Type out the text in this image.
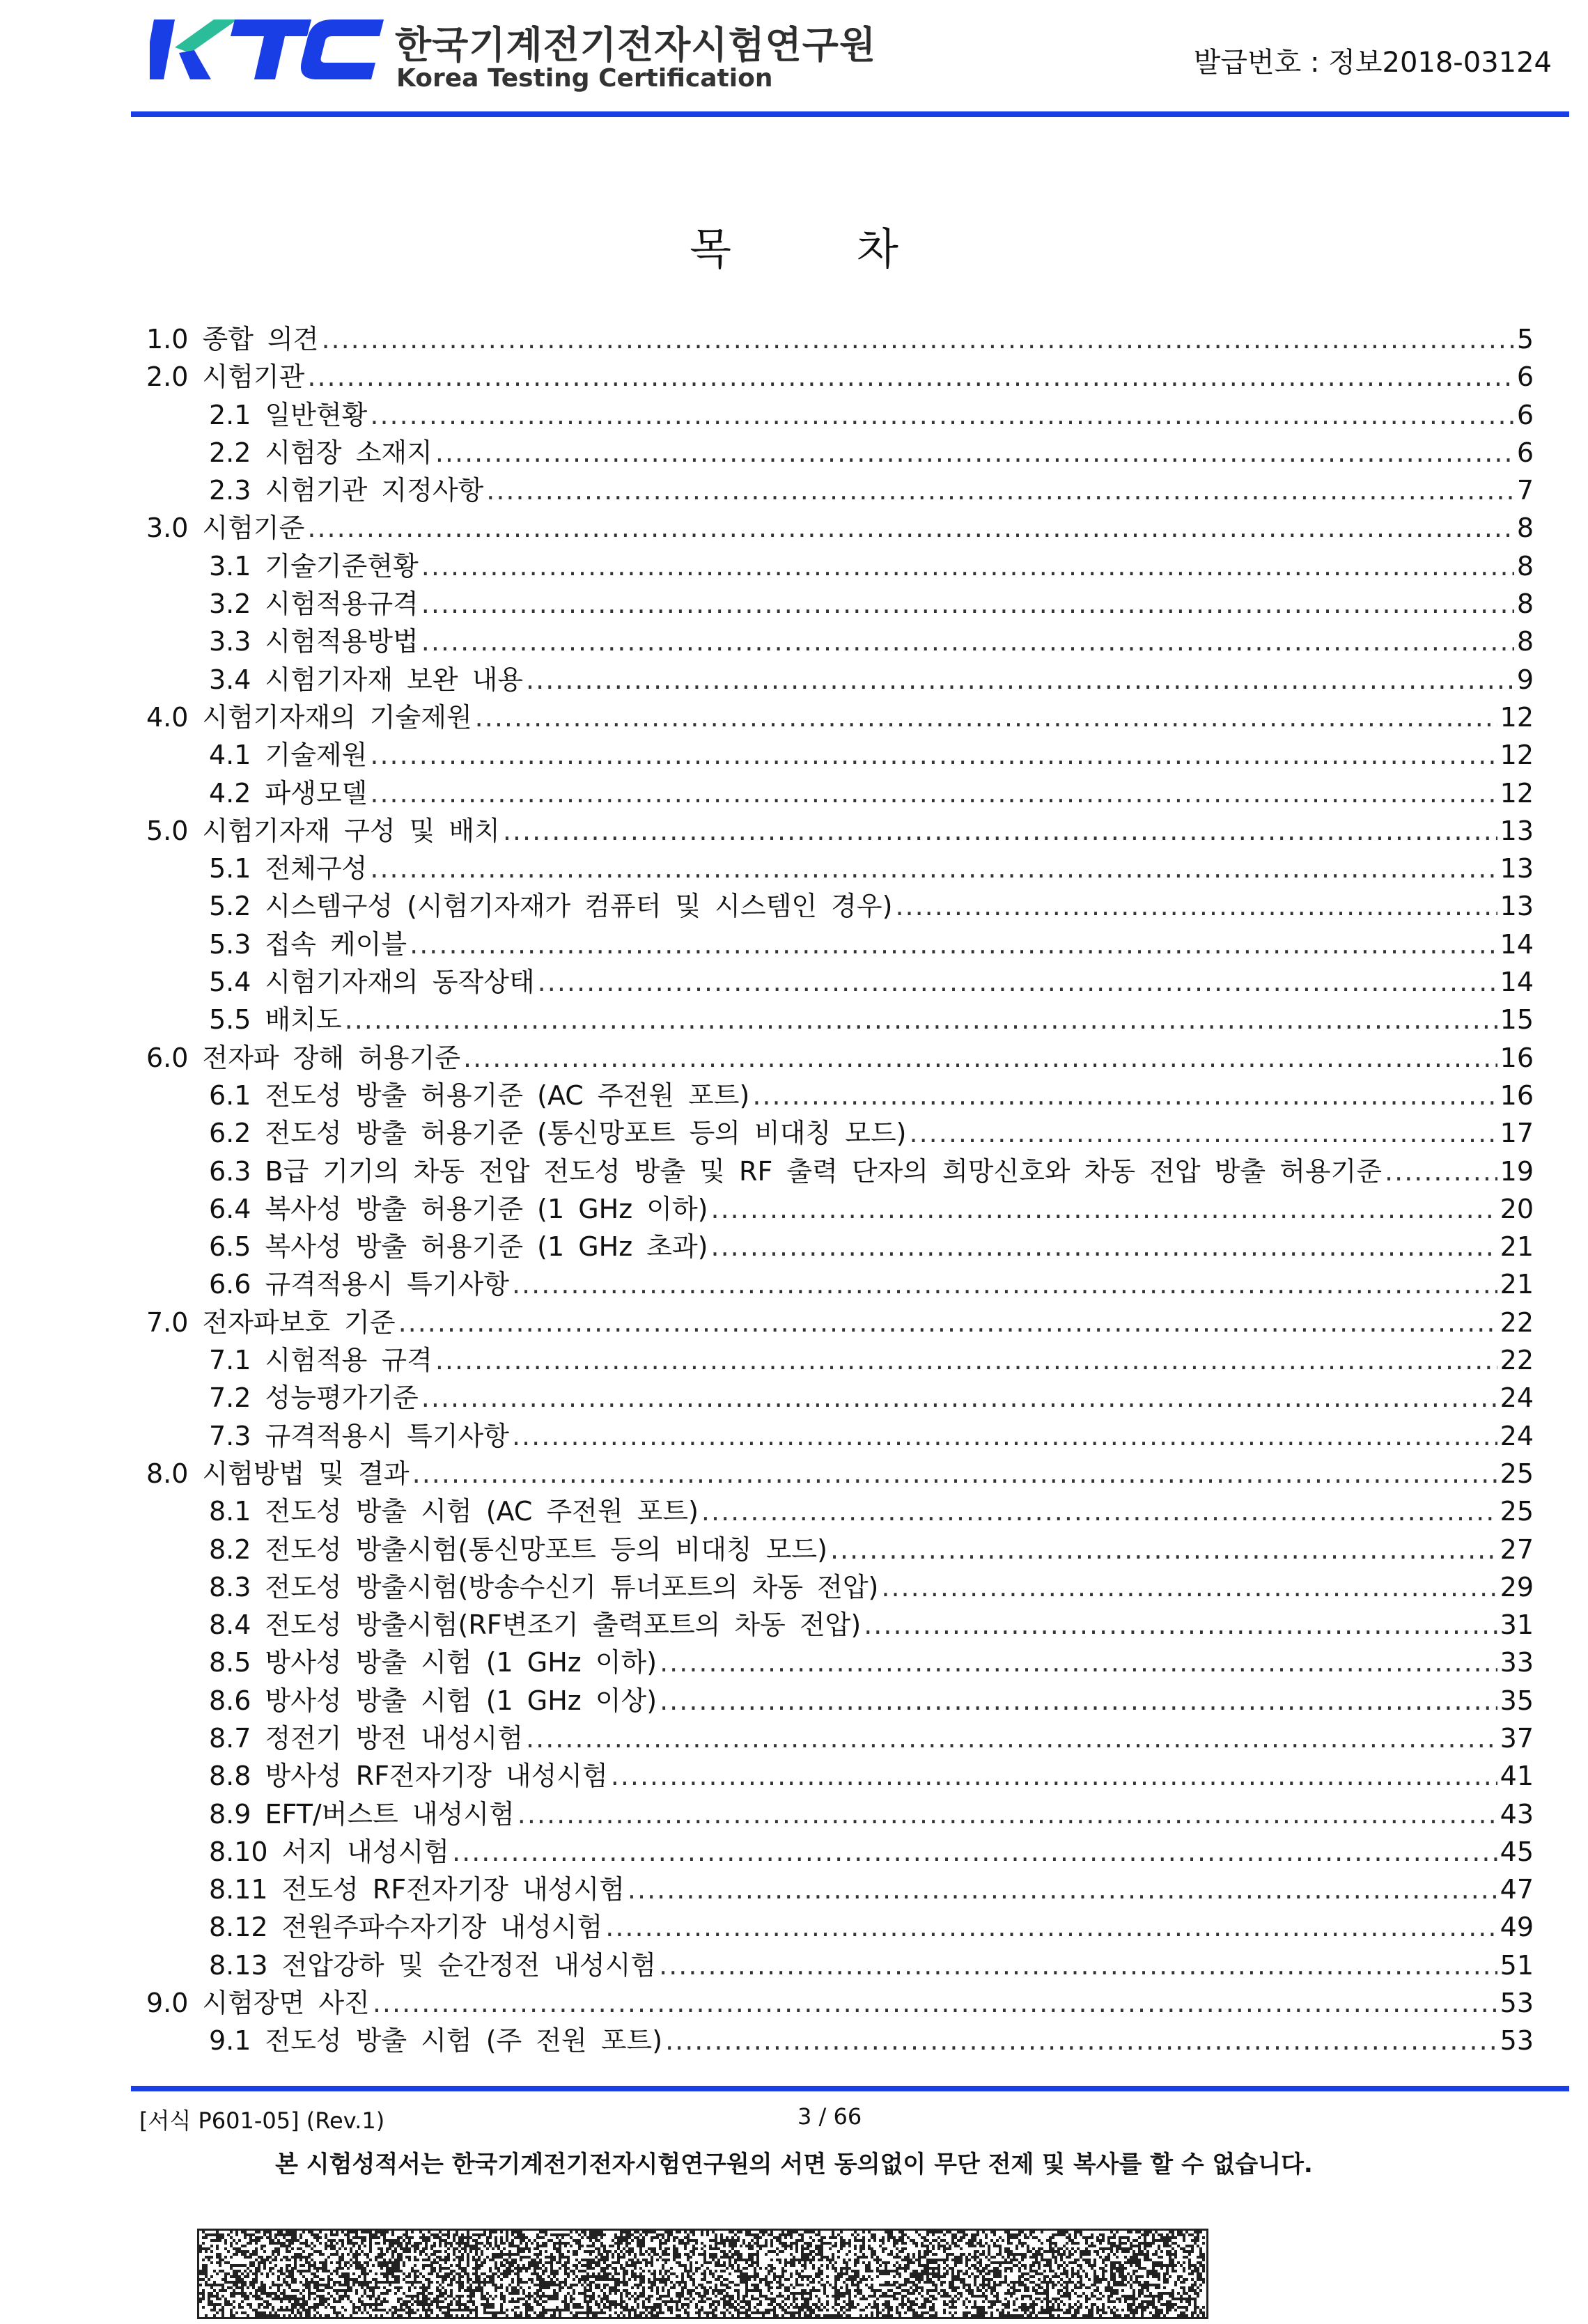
한국기계전기전자시험연구원
Korea Testing Certification	발급번호 : 정보2018-03124
목	차
1.0 종합 의견 .....	5
2.0 시험기관 .....	6
2.1 일반현황 .....	6
2.2 시험장 소재지 .....	6
2.3 시험기관 지정사항 .....	7
3.0 시험기준 .....	8
3.1 기술기준현황 .....	8
3.2 시험적용규격 .....	8
3.3 시험적용방법 .....	8
3.4 시험기자재 보완 내용 .....	9
4.0 시험기자재의 기술제원 .....	12
4.1 기술제원 .....	12
4.2 파생모델 .....	12
5.0 시험기자재 구성 및 배치 .....	13
5.1 전체구성 .....	13
5.2 시스템구성 (시험기자재가 컴퓨터 및 시스템인 경우) .....	13
5.3 접속 케이블 .....	14
5.4 시험기자재의 동작상태 .....	14
5.5 배치도 .....	15
6.0 전자파 장해 허용기준 .....	16
6.1 전도성 방출 허용기준 (AC 주전원 포트) .....	16
6.2 전도성 방출 허용기준 (통신망포트 등의 비대칭 모드) .....	17
6.3 B급 기기의 차동 전압 전도성 방출 및 RF 출력 단자의 희망신호와 차동 전압 방출 허용기준 .....	19
6.4 복사성 방출 허용기준 (1 GHz 이하) .....	20
6.5 복사성 방출 허용기준 (1 GHz 초과) .....	21
6.6 규격적용시 특기사항 .....	21
7.0 전자파보호 기준 .....	22
7.1 시험적용 규격 .....	22
7.2 성능평가기준 .....	24
7.3 규격적용시 특기사항 .....	24
8.0 시험방법 및 결과 .....	25
8.1 전도성 방출 시험 (AC 주전원 포트) .....	25
8.2 전도성 방출시험(통신망포트 등의 비대칭 모드) .....	27
8.3 전도성 방출시험(방송수신기 튜너포트의 차동 전압) .....	29
8.4 전도성 방출시험(RF변조기 출력포트의 차동 전압) .....	31
8.5 방사성 방출 시험 (1 GHz 이하) .....	33
8.6 방사성 방출 시험 (1 GHz 이상) .....	35
8.7 정전기 방전 내성시험 .....	37
8.8 방사성 RF전자기장 내성시험 .....	41
8.9 EFT/버스트 내성시험 .....	43
8.10 서지 내성시험 .....	45
8.11 전도성 RF전자기장 내성시험 .....	47
8.12 전원주파수자기장 내성시험 .....	49
8.13 전압강하 및 순간정전 내성시험 .....	51
9.0 시험장면 사진 .....	53
9.1 전도성 방출 시험 (주 전원 포트) .....	53
[서식 P601-05] (Rev.1)	3 / 66
본 시험성적서는 한국기계전기전자시험연구원의 서면 동의없이 무단 전제 및 복사를 할 수 없습니다.
